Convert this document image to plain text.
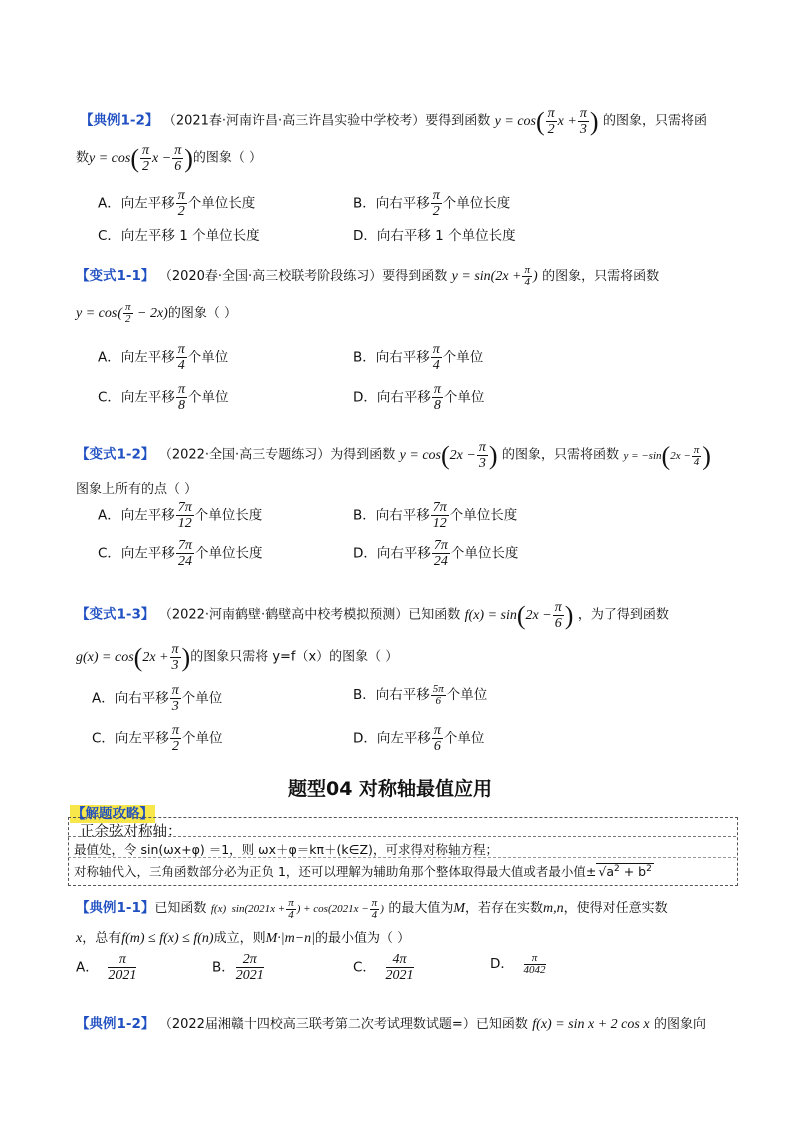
【典例1-2】 （2021春·河南许昌·高三许昌实验中学校考）要得到函数 $y = \cos( \frac{\pi}{2}$ $x + \frac{\pi}{3}$ ) 的图象，只需将函
数$y = \cos( \frac{\pi}{2}$ $x - \frac{\pi}{6}$ )的图象（ ）
A．向左平移 $\frac{\pi}{2}$ 个单位长度	B．向右平移 $\frac{\pi}{2}$ 个单位长度
C．向左平移 1 个单位长度	D．向右平移 1 个单位长度
【变式1-1】 （2020春·全国·高三校联考阶段练习）要得到函数 $y = \sin(2x + \frac{\pi}{4}$ ) 的图象，只需将函数
$y = \cos( \frac{\pi}{2} - 2x)$的图象（ ）
A．向左平移 $\frac{\pi}{4}$ 个单位	B．向右平移 $\frac{\pi}{4}$ 个单位
C．向左平移 $\frac{\pi}{8}$ 个单位	D．向右平移 $\frac{\pi}{8}$ 个单位
【变式1-2】 （2022·全国·高三专题练习）为得到函数 $y = \cos(2x - \frac{\pi}{3}$ ) 的图象，只需将函数 $y = -\sin(2x - \frac{\pi}{4}$ )
图象上所有的点（ ）
A．向左平移 $\frac{7\pi}{12}$ 个单位长度	B．向右平移 $\frac{7\pi}{12}$ 个单位长度
C．向左平移 $\frac{7\pi}{24}$ 个单位长度	D．向右平移 $\frac{7\pi}{24}$ 个单位长度
【变式1-3】 （2022·河南鹤壁·鹤壁高中校考模拟预测）已知函数 $f(x) = \sin(2x - \frac{\pi}{6}$ ) ，为了得到函数
$g(x) = \cos(2x + \frac{\pi}{3}$ )的图象只需将 y=f（x）的图象（ ）
A．向右平移 $\frac{\pi}{3}$ 个单位	B．向右平移 $\frac{5\pi}{6}$ 个单位
C．向左平移 $\frac{\pi}{2}$ 个单位	D．向左平移 $\frac{\pi}{6}$ 个单位
题型04 对称轴最值应用
【解题攻略】
正余弦对称轴：
最值处，令 sin(ωx+φ) ＝1，则 ωx＋φ＝kπ＋(k∈Z)，可求得对称轴方程；
对称轴代入，三角函数部分必为正负 1，还可以理解为辅助角那个整体取得最大值或者最小值± $√a^2 + b^2$
【典例1-1】已知函数 f(x)  $\sin(2021x + \frac{\pi}{4}$ ) + $\cos(2021x - \frac{\pi}{4}$ ) 的最大值为M，若存在实数m,n，使得对任意实数
x，总有f(m) ≤ f(x) ≤ f(n)成立，则M·|m−n|的最小值为（ ）
A． $\frac{\pi}{2021}$	B． $\frac{2\pi}{2021}$	C． $\frac{4\pi}{2021}$	D． $\frac{\pi}{4042}$
【典例1-2】 （2022届湘赣十四校高三联考第二次考试理数试题=）已知函数 f(x) = sin x + 2 cos x 的图象向
